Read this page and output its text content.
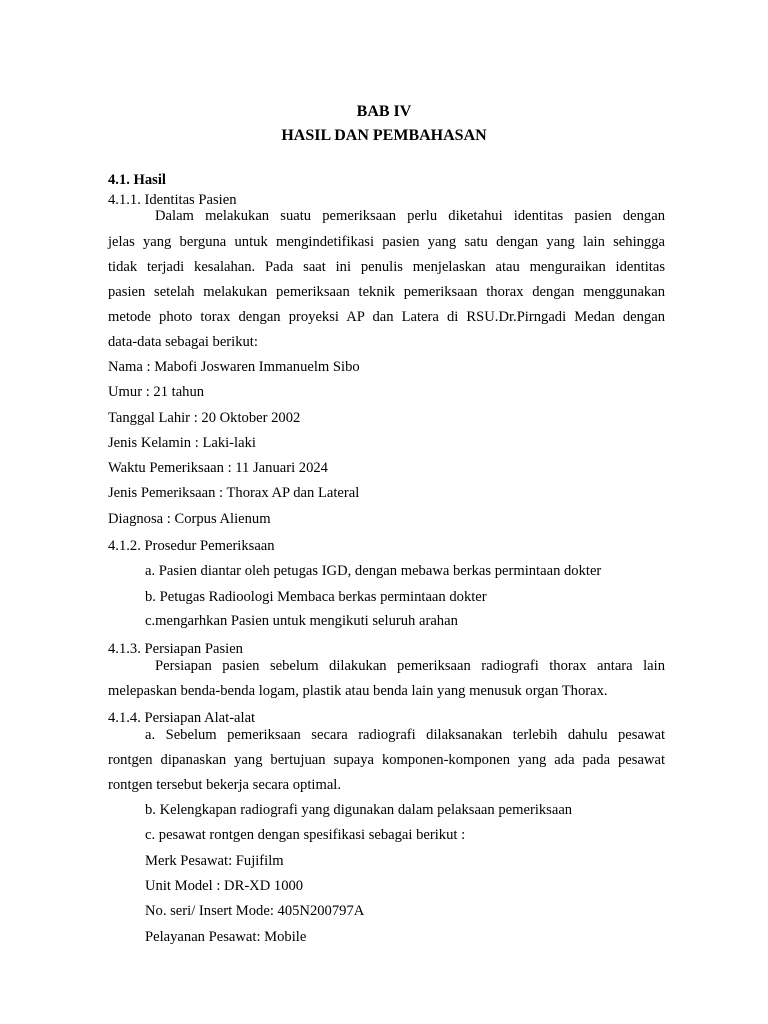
BAB IV
HASIL DAN PEMBAHASAN

4.1. Hasil

4.1.1. Identitas Pasien

Dalam melakukan suatu pemeriksaan perlu diketahui identitas pasien dengan

jelas yang berguna untuk mengindetifikasi pasien yang satu dengan yang lain sehingga

tidak terjadi kesalahan. Pada saat ini penulis menjelaskan atau menguraikan identitas

pasien setelah melakukan pemeriksaan teknik pemeriksaan thorax dengan menggunakan

metode photo torax dengan proyeksi AP dan Latera di RSU.Dr.Pirngadi Medan dengan

data-data sebagai berikut:

Nama : Mabofi Joswaren Immanuelm Sibo

Umur : 21 tahun

Tanggal Lahir : 20 Oktober 2002

Jenis Kelamin : Laki-laki

Waktu Pemeriksaan : 11 Januari 2024

Jenis Pemeriksaan : Thorax AP dan Lateral

Diagnosa : Corpus Alienum

4.1.2. Prosedur Pemeriksaan

a. Pasien diantar oleh petugas IGD, dengan mebawa berkas permintaan dokter

b. Petugas Radioologi Membaca berkas permintaan dokter

c.mengarhkan Pasien untuk mengikuti seluruh arahan

4.1.3. Persiapan Pasien

Persiapan pasien sebelum dilakukan pemeriksaan radiografi thorax antara lain

melepaskan benda-benda logam, plastik atau benda lain yang menusuk organ Thorax.

4.1.4. Persiapan Alat-alat

a. Sebelum pemeriksaan secara radiografi dilaksanakan terlebih dahulu pesawat

rontgen dipanaskan yang bertujuan supaya komponen-komponen yang ada pada pesawat

rontgen tersebut bekerja secara optimal.

b. Kelengkapan radiografi yang digunakan dalam pelaksaan pemeriksaan

c. pesawat rontgen dengan spesifikasi sebagai berikut :

Merk Pesawat: Fujifilm

Unit Model : DR-XD 1000

No. seri/ Insert Mode: 405N200797A

Pelayanan Pesawat: Mobile
